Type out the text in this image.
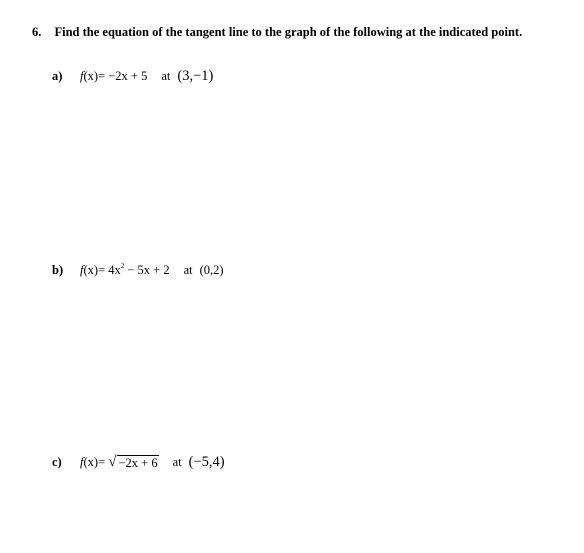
6. Find the equation of the tangent line to the graph of the following at the indicated point.
a)	f(x)= −2x + 5 at (3,−1)
b)	$f(x)= 4x^2 - 5x + 2$ at (0,2)
c)	f(x)= √ −2x + 6 at (−5,4)
